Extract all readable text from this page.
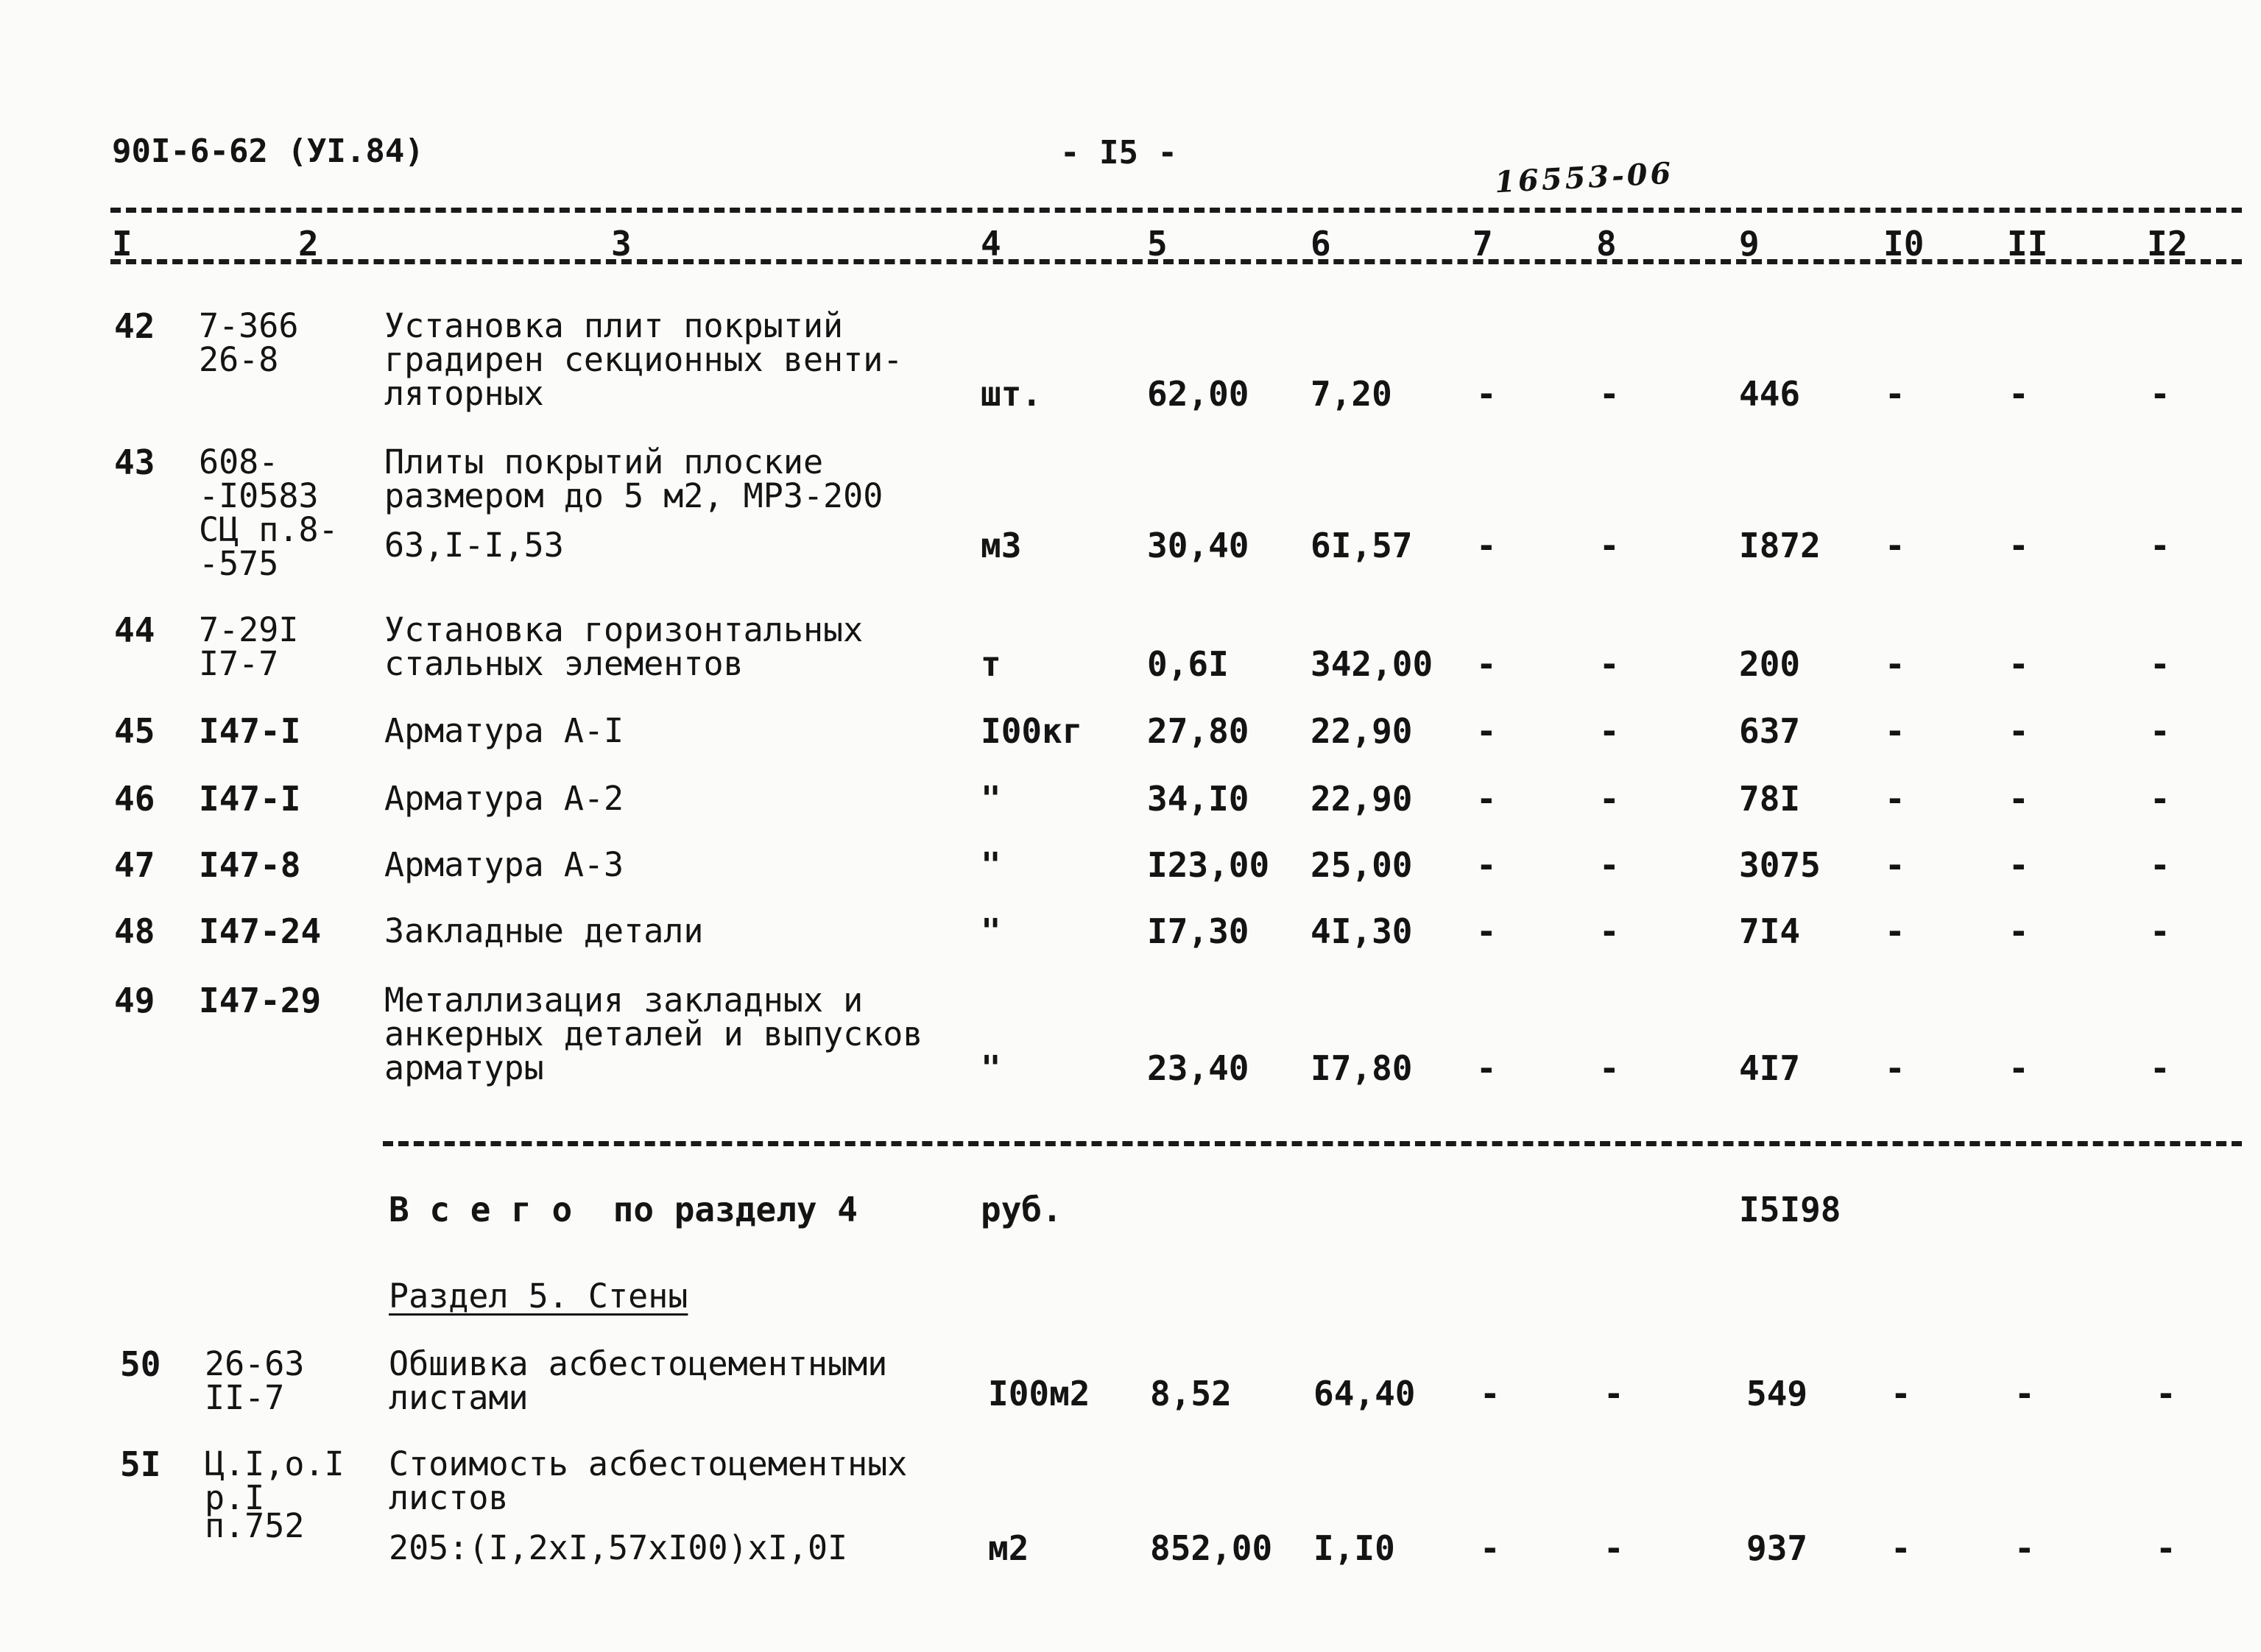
90I-6-62 (УI.84)	- I5 -
16553-06
I	2	3	4	5	6	7	8	9	I0 II	I2
42 7-366
26-8
Установка плит покрытий
градирен секционных венти-
ляторных	шт.	62,00 7,20 -	-	446 -	-	-
43 608-
-I0583
СЦ п.8-
-575
Плиты покрытий плоские
размером до 5 м2, МРЗ-200
63,I-I,53	м3	30,40 6I,57 -	-	I872 -	-	-
44 7-29I
I7-7
Установка горизонтальных
стальных элементов	т	0,6I 342,00 -	-	200 -	-	-
45 I47-I	Арматура А-I	I00кг 27,80 22,90 -	-	637 -	-	-
46 I47-I	Арматура А-2	"	34,I0 22,90 -	-	78I -	-	-
47 I47-8	Арматура А-3	"	I23,00 25,00 -	-	3075 -	-	-
48 I47-24 Закладные детали	"	I7,30 4I,30 -	-	7I4 -	-	-
49 I47-29 Металлизация закладных и
анкерных деталей и выпусков
арматуры	"	23,40 I7,80 -	-	4I7 -	-	-
В с е г о  по разделу 4	руб.	I5I98
Раздел 5. Стены
50 26-63
II-7
Обшивка асбестоцементными
листами	I00м2 8,52 64,40 -	-	549 -	-	-
5I Ц.I,о.I
р.I
п.752
Стоимость асбестоцементных
листов
205:(I,2xI,57xI00)xI,0I	м2	852,00 I,I0	-	-	937 -	-	-
